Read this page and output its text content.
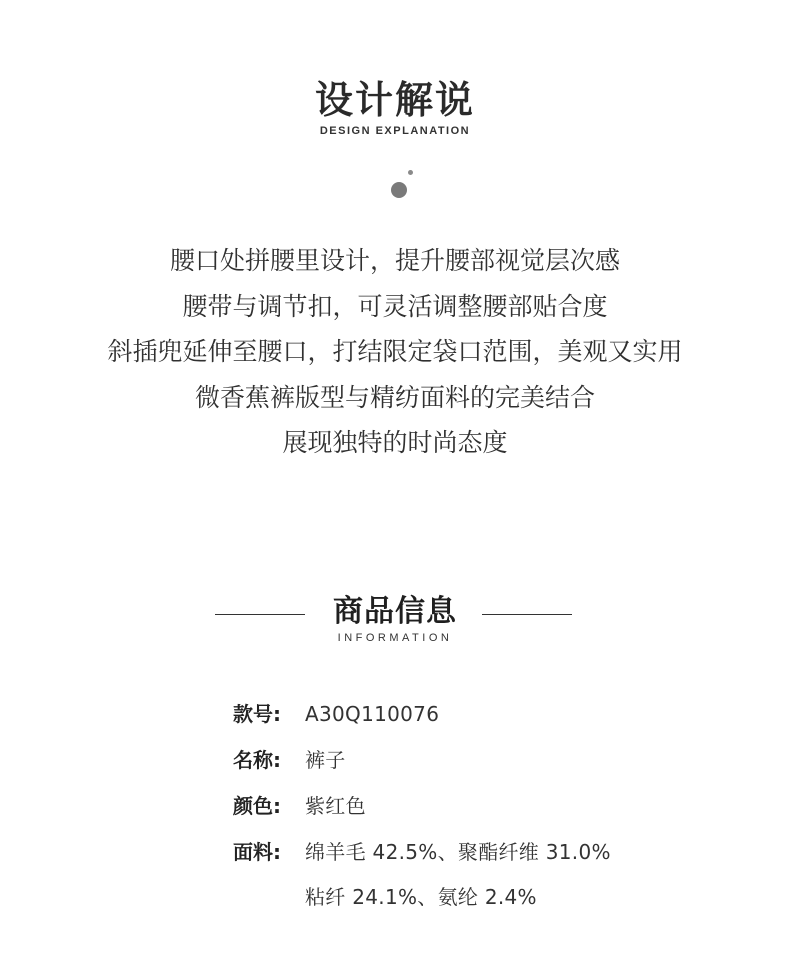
设计解说
DESIGN EXPLANATION
腰口处拼腰里设计，提升腰部视觉层次感
腰带与调节扣，可灵活调整腰部贴合度
斜插兜延伸至腰口，打结限定袋口范围，美观又实用
微香蕉裤版型与精纺面料的完美结合
展现独特的时尚态度
商品信息
INFORMATION
款号: A30Q110076
名称: 裤子
颜色: 紫红色
面料: 绵羊毛 42.5%、聚酯纤维 31.0%
粘纤 24.1%、氨纶 2.4%
